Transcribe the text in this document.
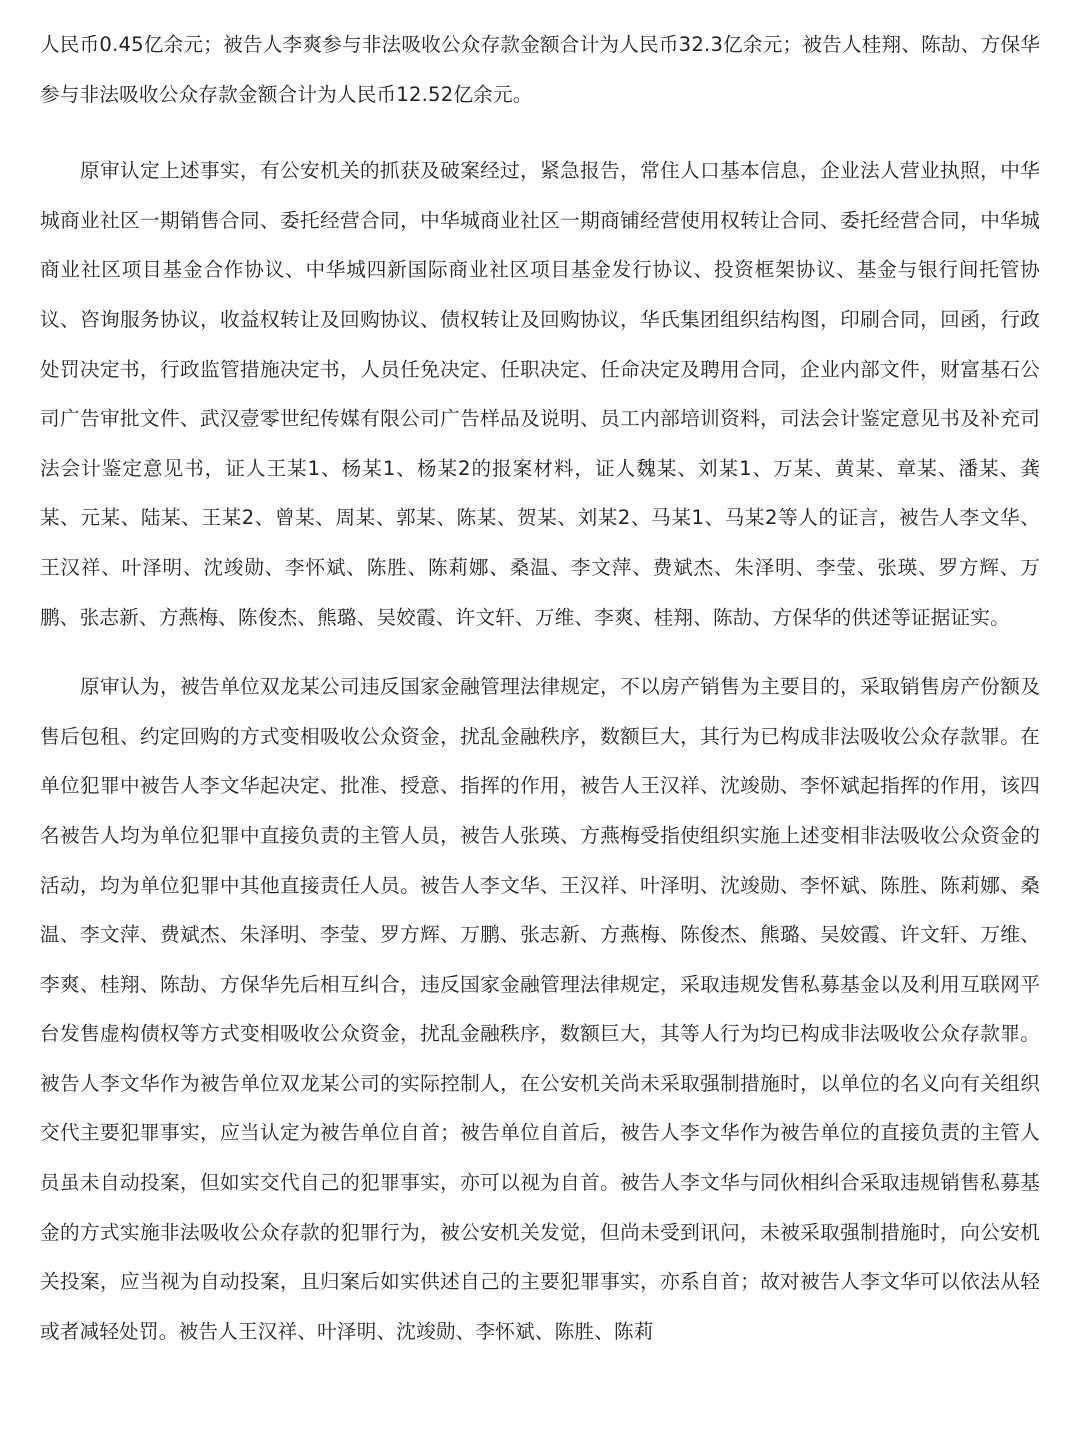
人民币0.45亿余元；被告人李爽参与非法吸收公众存款金额合计为人民币32.3亿余元；被告人桂翔、陈劼、方保华参与非法吸收公众存款金额合计为人民币12.52亿余元。

原审认定上述事实，有公安机关的抓获及破案经过，紧急报告，常住人口基本信息，企业法人营业执照，中华城商业社区一期销售合同、委托经营合同，中华城商业社区一期商铺经营使用权转让合同、委托经营合同，中华城商业社区项目基金合作协议、中华城四新国际商业社区项目基金发行协议、投资框架协议、基金与银行间托管协议、咨询服务协议，收益权转让及回购协议、债权转让及回购协议，华氏集团组织结构图，印刷合同，回函，行政处罚决定书，行政监管措施决定书，人员任免决定、任职决定、任命决定及聘用合同，企业内部文件，财富基石公司广告审批文件、武汉壹零世纪传媒有限公司广告样品及说明、员工内部培训资料，司法会计鉴定意见书及补充司法会计鉴定意见书，证人王某1、杨某1、杨某2的报案材料，证人魏某、刘某1、万某、黄某、章某、潘某、龚某、元某、陆某、王某2、曾某、周某、郭某、陈某、贺某、刘某2、马某1、马某2等人的证言，被告人李文华、王汉祥、叶泽明、沈竣勋、李怀斌、陈胜、陈莉娜、桑温、李文萍、费斌杰、朱泽明、李莹、张瑛、罗方辉、万鹏、张志新、方燕梅、陈俊杰、熊璐、吴姣霞、许文轩、万维、李爽、桂翔、陈劼、方保华的供述等证据证实。

原审认为，被告单位双龙某公司违反国家金融管理法律规定，不以房产销售为主要目的，采取销售房产份额及售后包租、约定回购的方式变相吸收公众资金，扰乱金融秩序，数额巨大，其行为已构成非法吸收公众存款罪。在单位犯罪中被告人李文华起决定、批准、授意、指挥的作用，被告人王汉祥、沈竣勋、李怀斌起指挥的作用，该四名被告人均为单位犯罪中直接负责的主管人员，被告人张瑛、方燕梅受指使组织实施上述变相非法吸收公众资金的活动，均为单位犯罪中其他直接责任人员。被告人李文华、王汉祥、叶泽明、沈竣勋、李怀斌、陈胜、陈莉娜、桑温、李文萍、费斌杰、朱泽明、李莹、罗方辉、万鹏、张志新、方燕梅、陈俊杰、熊璐、吴姣霞、许文轩、万维、李爽、桂翔、陈劼、方保华先后相互纠合，违反国家金融管理法律规定，采取违规发售私募基金以及利用互联网平台发售虚构债权等方式变相吸收公众资金，扰乱金融秩序，数额巨大，其等人行为均已构成非法吸收公众存款罪。被告人李文华作为被告单位双龙某公司的实际控制人，在公安机关尚未采取强制措施时，以单位的名义向有关组织交代主要犯罪事实，应当认定为被告单位自首；被告单位自首后，被告人李文华作为被告单位的直接负责的主管人员虽未自动投案，但如实交代自己的犯罪事实，亦可以视为自首。被告人李文华与同伙相纠合采取违规销售私募基金的方式实施非法吸收公众存款的犯罪行为，被公安机关发觉，但尚未受到讯问，未被采取强制措施时，向公安机关投案，应当视为自动投案，且归案后如实供述自己的主要犯罪事实，亦系自首；故对被告人李文华可以依法从轻或者减轻处罚。被告人王汉祥、叶泽明、沈竣勋、李怀斌、陈胜、陈莉
